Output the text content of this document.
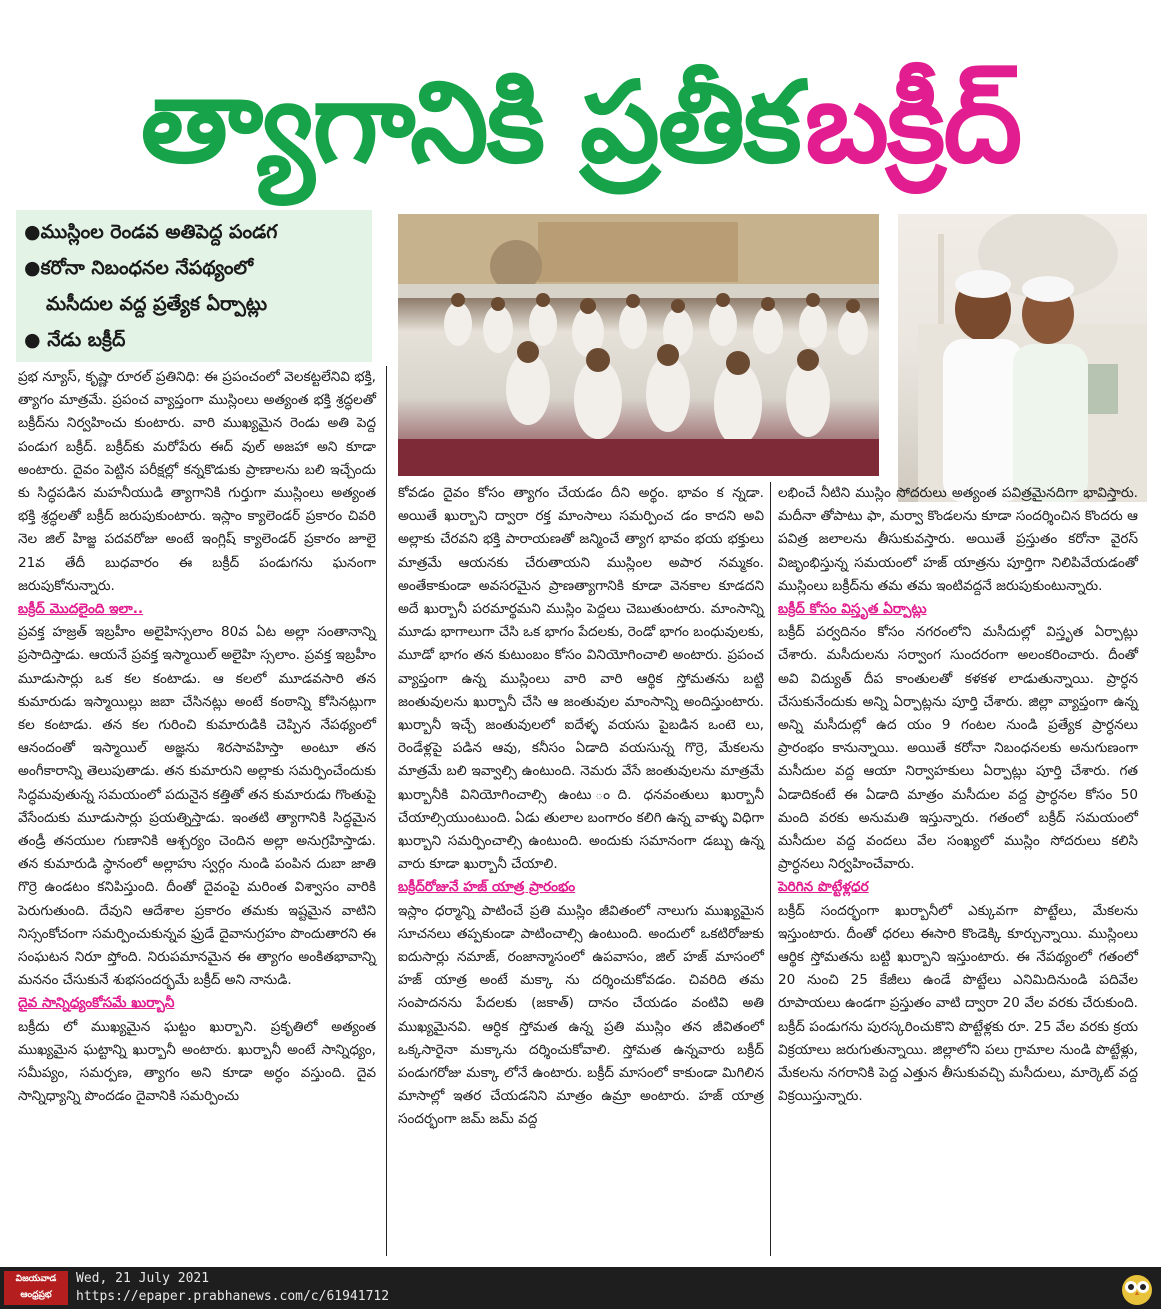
త్యాగానికి ప్రతీక బక్రీద్
●ముస్లింల రెండవ అతిపెద్ద పండగ
●కరోనా నిబంధనల నేపథ్యంలో
మసీదుల వద్ద ప్రత్యేక ఏర్పాట్లు
● నేడు బక్రీద్

ప్రభ న్యూస్, కృష్ణా రూరల్ ప్రతినిధి: ఈ ప్రపంచంలో వెలకట్టలేనివి భక్తి, త్యాగం మాత్రమే. ప్రపంచ వ్యాప్తంగా ముస్లింలు అత్యంత భక్తి శ్రద్ధలతో బక్రీద్‌ను నిర్వహించు కుంటారు. వారి ముఖ్యమైన రెండు అతి పెద్ద పండుగ బక్రీద్. బక్రీద్‌కు మరోపేరు ఈద్ వుల్ అజహా అని కూడా అంటారు. దైవం పెట్టిన పరీక్షల్లో కన్నకొడుకు ప్రాణాలను బలి ఇచ్చేందు కు సిద్ధపడిన మహనీయుడి త్యాగానికి గుర్తుగా ముస్లింలు అత్యంత భక్తి శ్రద్ధలతో బక్రీద్ జరుపుకుంటారు. ఇస్లాం క్యాలెండర్ ప్రకారం చివరి నెల జిల్ హిజ్జ పదవరోజు అంటే ఇంగ్లిష్ క్యాలెండర్ ప్రకారం జూలై 21వ తేదీ బుధవారం ఈ బక్రీద్ పండుగను ఘనంగా జరుపుకోనున్నారు.

బక్రీద్ మొదలైంది ఇలా..

ప్రవక్త హజ్రత్ ఇబ్రహీం అలైహిస్సలాం 80వ ఏట అల్లా సంతానాన్ని ప్రసాదిస్తాడు. ఆయనే ప్రవక్త ఇస్మాయిల్ అలైహి స్సలాం. ప్రవక్త ఇబ్రహీం మూడుసార్లు ఒక కల కంటాడు. ఆ కలలో మూడవసారి తన కుమారుడు ఇస్మాయిల్లు జబా చేసినట్లు అంటే కంఠాన్ని కోసినట్లుగా కల కంటాడు. తన కల గురించి కుమారుడికి చెప్పిన నేపథ్యంలో ఆనందంతో ఇస్మాయిల్ అజ్ఞను శిరసావహిస్తా అంటూ తన అంగీకారాన్ని తెలుపుతాడు. తన కుమారుని అల్లాకు సమర్పించేందుకు సిద్ధమవుతున్న సమయంలో పదునైన కత్తితో తన కుమారుడు గొంతుపై వేసేందుకు మూడుసార్లు ప్రయత్నిస్తాడు. ఇంతటి త్యాగానికి సిద్ధమైన తండ్రీ తనయుల గుణానికి ఆశ్చర్యం చెందిన అల్లా అనుగ్రహిస్తాడు. తన కుమారుడి స్థానంలో అల్లాహు స్వర్గం నుండి పంపిన దుబా జాతి గొర్రె ఉండటం కనిపిస్తుంది. దీంతో దైవంపై మరింత విశ్వాసం వారికి పెరుగుతుంది. దేవుని ఆదేశాల ప్రకారం తమకు ఇష్టమైన వాటిని నిస్సంకోచంగా సమర్పించుకున్నవ ఫ్రుడే దైవానుగ్రహం పొందుతారని ఈ సంఘటన నిరూ ప్తోంది. నిరుపమానమైన ఈ త్యాగం అంకితభావాన్ని మననం చేసుకునే శుభసందర్భమే బక్రీద్ అని నానుడి.

దైవ సాన్నిధ్యంకోసమే ఖుర్బానీ

బక్రీదు లో ముఖ్యమైన ఘట్టం ఖుర్బాని. ప్రకృతిలో అత్యంత ముఖ్యమైన ఘట్టాన్ని ఖుర్బానీ అంటారు. ఖుర్బానీ అంటే సాన్నిధ్యం, సమీప్యం, సమర్పణ, త్యాగం అని కూడా అర్ధం వస్తుంది. దైవ సాన్నిధ్యాన్ని పొందడం దైవానికి సమర్పించు

కోవడం దైవం కోసం త్యాగం చేయడం దీని అర్థం. భావం క న్నడా. అయితే ఖుర్బాని ద్వారా రక్త మాంసాలు సమర్పించ డం కాదని అవి అల్లాకు చేరవని భక్తి పారాయణతో జన్మించే త్యాగ భావం భయ భక్తులు మాత్రమే ఆయనకు చేరుతాయని ముస్లింల అపార నమ్మకం. అంతేకాకుండా అవసరమైన ప్రాణత్యాగానికి కూడా వెనకాల కూడదని అదే ఖుర్బానీ పరమార్థమని ముస్లిం పెద్దలు చెబుతుంటారు. మాంసాన్ని మూడు భాగాలుగా చేసి ఒక భాగం పేదలకు, రెండో భాగం బంధువులకు, మూడో భాగం తన కుటుంబం కోసం వినియోగించాలి అంటారు. ప్రపంచ వ్యాప్తంగా ఉన్న ముస్లింలు వారి వారి ఆర్థిక స్తోమతను బట్టి జంతువులను ఖుర్బానీ చేసి ఆ జంతువుల మాంసాన్ని అందిస్తుంటారు. ఖుర్బానీ ఇచ్చే జంతువులలో ఐదేళ్ళ వయసు పైబడిన ఒంటె లు, రెండేళ్లపై పడిన ఆవు, కనీసం ఏడాది వయసున్న గొర్రె, మేకలను మాత్రమే బలి ఇవ్వాల్సి ఉంటుంది. నెమరు వేసే జంతువులను మాత్రమే ఖుర్బానీకి వినియోగించాల్సి ఉంటు ంది. ధనవంతులు ఖుర్బానీ చేయాల్సియుంటుంది. ఏడు తులాల బంగారం కలిగి ఉన్న వాళ్ళు విధిగా ఖుర్బాని సమర్పించాల్సి ఉంటుంది. అందుకు సమానంగా డబ్బు ఉన్న వారు కూడా ఖుర్బానీ చేయాలి.

బక్రీద్‌రోజునే హజ్ యాత్ర ప్రారంభం

ఇస్లాం ధర్మాన్ని పాటించే ప్రతి ముస్లిం జీవితంలో నాలుగు ముఖ్యమైన సూచనలు తప్పకుండా పాటించాల్సి ఉంటుంది. అందులో ఒకటిరోజుకు ఐదుసార్లు నమాజ్, రంజాన్మాసంలో ఉపవాసం, జిల్ హజ్ మాసంలో హజ్ యాత్ర అంటే మక్కా ను దర్శించుకోవడం. చివరిది తమ సంపాదనను పేదలకు (జకాత్) దానం చేయడం వంటివి అతి ముఖ్యమైనవి. ఆర్ధిక స్తోమత ఉన్న ప్రతి ముస్లిం తన జీవితంలో ఒక్కసారైనా మక్కాను దర్శించుకోవాలి. స్తోమత ఉన్నవారు బక్రీద్ పండుగరోజు మక్కా లోనే ఉంటారు. బక్రీద్ మాసంలో కాకుండా మిగిలిన మాసాల్లో ఇతర చేయడనిని మాత్రం ఉమ్రా అంటారు. హజ్ యాత్ర సందర్భంగా జమ్ జమ్ వద్ద

లభించే నీటిని ముస్లిం సోదరులు అత్యంత పవిత్రమైనదిగా భావిస్తారు. మదీనా తోపాటు ఫా, మర్వా కొండలను కూడా సందర్శించిన కొందరు ఆ పవిత్ర జలాలను తీసుకువస్తారు. అయితే ప్రస్తుతం కరోనా వైరస్ విజృంభిస్తున్న సమయంలో హజ్ యాత్రను పూర్తిగా నిలిపివేయడంతో ముస్లింలు బక్రీద్‌ను తమ తమ ఇంటివద్దనే జరుపుకుంటున్నారు.

బక్రీద్ కోసం విస్తృత ఏర్పాట్లు

బక్రీద్ పర్వదినం కోసం నగరంలోని మసీదుల్లో విస్తృత ఏర్పాట్లు చేశారు. మసీదులను సర్వాంగ సుందరంగా అలంకరించారు. దీంతో అవి విద్యుత్ దీప కాంతులతో కళకళ లాడుతున్నాయి. ప్రార్ధన చేసుకునేందుకు అన్ని ఏర్పాట్లను పూర్తి చేశారు. జిల్లా వ్యాప్తంగా ఉన్న అన్ని మసీదుల్లో ఉద యం 9 గంటల నుండి ప్రత్యేక ప్రార్ధనలు ప్రారంభం కానున్నాయి. అయితే కరోనా నిబంధనలకు అనుగుణంగా మసీదుల వద్ద ఆయా నిర్వాహకులు ఏర్పాట్లు పూర్తి చేశారు. గత ఏడాదికంటే ఈ ఏడాది మాత్రం మసీదుల వద్ద ప్రార్ధనల కోసం 50 మంది వరకు అనుమతి ఇస్తున్నారు. గతంలో బక్రీద్ సమయంలో మసీదుల వద్ద వందలు వేల సంఖ్యలో ముస్లిం సోదరులు కలిసి ప్రార్ధనలు నిర్వహించేవారు.

పెరిగిన పొట్టేళ్లధర

బక్రీద్ సందర్భంగా ఖుర్బానీలో ఎక్కువగా పొట్టేలు, మేకలను ఇస్తుంటారు. దీంతో ధరలు ఈసారి కొండెక్కి కూర్చున్నాయి. ముస్లింలు ఆర్థిక స్తోమతను బట్టి ఖుర్బాని ఇస్తుంటారు. ఈ నేపథ్యంలో గతంలో 20 నుంచి 25 కేజీలు ఉండే పొట్టేలు ఎనిమిదినుండి పదివేల రూపాయలు ఉండగా ప్రస్తుతం వాటి ద్వారా 20 వేల వరకు చేరుకుంది. బక్రీద్ పండుగను పురస్కరించుకొని పొట్టేళ్లకు రూ. 25 వేల వరకు క్రయ విక్రయాలు జరుగుతున్నాయి. జిల్లాలోని పలు గ్రామాల నుండి పొట్టేళ్లు, మేకలను నగరానికి పెద్ద ఎత్తున తీసుకువచ్చి మసీదులు, మార్కెట్ వద్ద విక్రయిస్తున్నారు.

విజయవాడ
ఆంధ్రప్రభ
Wed, 21 July 2021
https://epaper.prabhanews.com/c/61941712
